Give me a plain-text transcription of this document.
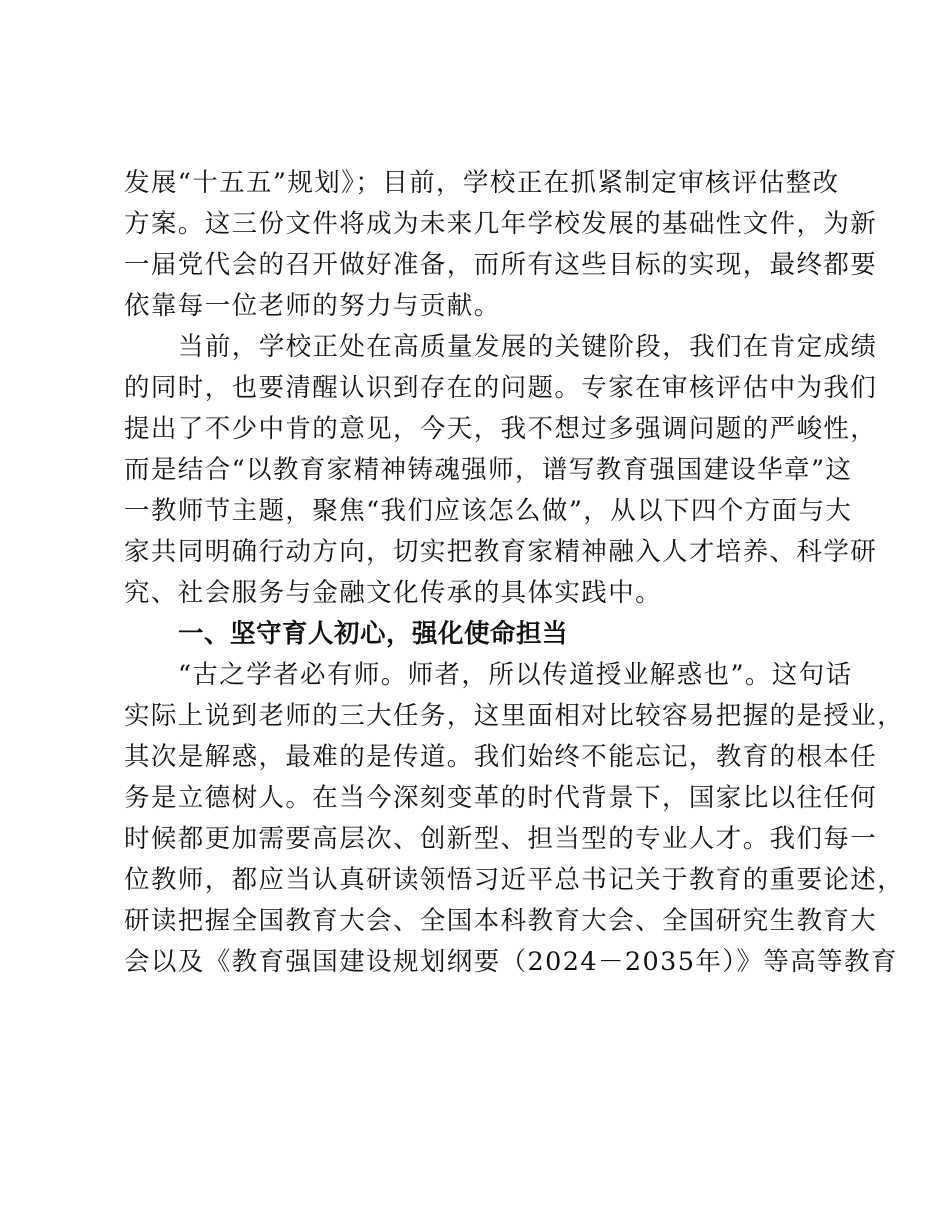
发展“十五五”规划》；目前，学校正在抓紧制定审核评估整改
方案。这三份文件将成为未来几年学校发展的基础性文件，为新
一届党代会的召开做好准备，而所有这些目标的实现，最终都要
依靠每一位老师的努力与贡献。
当前，学校正处在高质量发展的关键阶段，我们在肯定成绩
的同时，也要清醒认识到存在的问题。专家在审核评估中为我们
提出了不少中肯的意见，今天，我不想过多强调问题的严峻性，
而是结合“以教育家精神铸魂强师，谱写教育强国建设华章”这
一教师节主题，聚焦“我们应该怎么做”，从以下四个方面与大
家共同明确行动方向，切实把教育家精神融入人才培养、科学研
究、社会服务与金融文化传承的具体实践中。
一、坚守育人初心，强化使命担当
“古之学者必有师。师者，所以传道授业解惑也”。这句话
实际上说到老师的三大任务，这里面相对比较容易把握的是授业，
其次是解惑，最难的是传道。我们始终不能忘记，教育的根本任
务是立德树人。在当今深刻变革的时代背景下，国家比以往任何
时候都更加需要高层次、创新型、担当型的专业人才。我们每一
位教师，都应当认真研读领悟习近平总书记关于教育的重要论述，
研读把握全国教育大会、全国本科教育大会、全国研究生教育大
会以及《教育强国建设规划纲要（2024－2035年）》等高等教育
